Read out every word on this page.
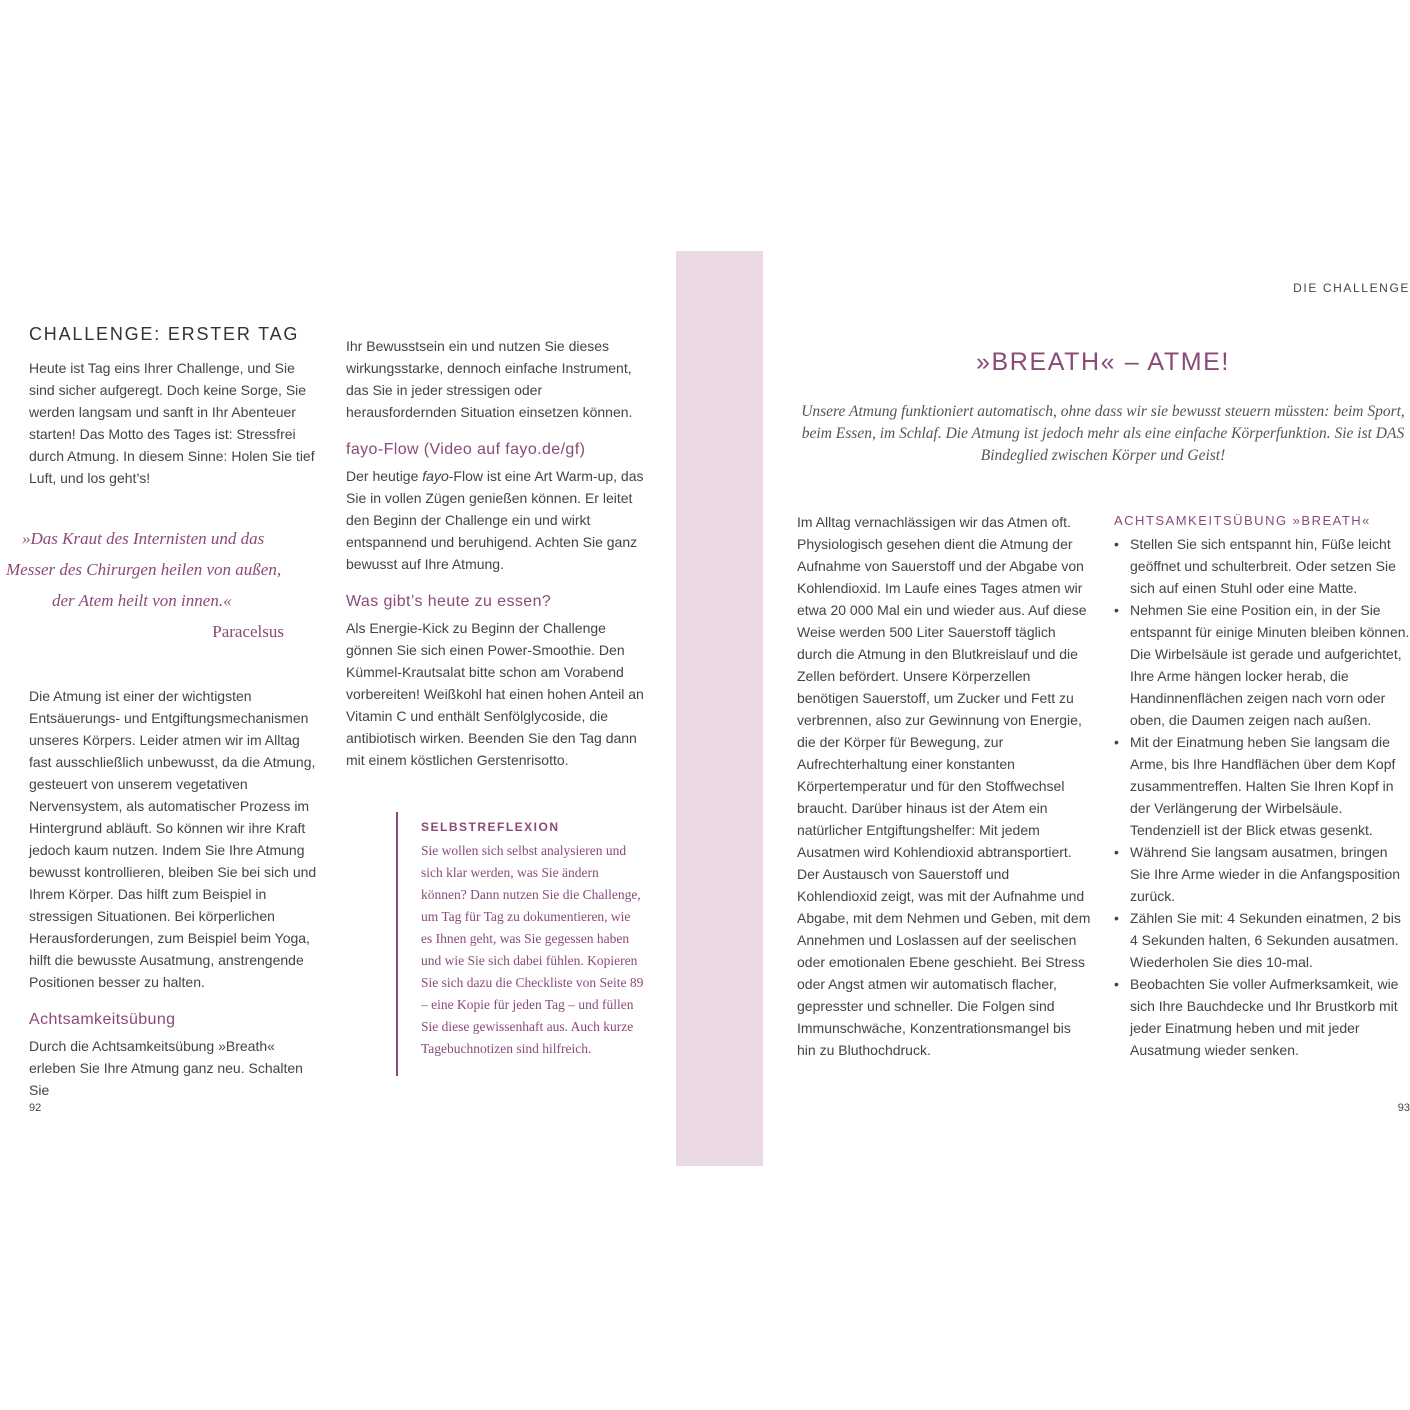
CHALLENGE: ERSTER TAG

Heute ist Tag eins Ihrer Challenge, und Sie sind sicher aufgeregt. Doch keine Sorge, Sie werden langsam und sanft in Ihr Abenteuer starten! Das Motto des Tages ist: Stressfrei durch Atmung. In diesem Sinne: Holen Sie tief Luft, und los geht’s!

»Das Kraut des Internisten und das

Messer des Chirurgen heilen von außen,

der Atem heilt von innen.«

Paracelsus

Die Atmung ist einer der wichtigsten Entsäuerungs- und Entgiftungsmechanismen unseres Körpers. Leider atmen wir im Alltag fast ausschließlich unbewusst, da die Atmung, gesteuert von unserem vegetativen Nervensystem, als automatischer Prozess im Hintergrund abläuft. So können wir ihre Kraft jedoch kaum nutzen. Indem Sie Ihre Atmung bewusst kontrollieren, bleiben Sie bei sich und Ihrem Körper. Das hilft zum Beispiel in stressigen Situationen. Bei körperlichen Herausforderungen, zum Beispiel beim Yoga, hilft die bewusste Ausatmung, anstrengende Positionen besser zu halten.

Achtsamkeitsübung

Durch die Achtsamkeitsübung »Breath« erleben Sie Ihre Atmung ganz neu. Schalten Sie

92

Ihr Bewusstsein ein und nutzen Sie dieses wirkungsstarke, dennoch einfache Instrument, das Sie in jeder stressigen oder herausfordernden Situation einsetzen können.

fayo-Flow (Video auf fayo.de/gf)

Der heutige fayo-Flow ist eine Art Warm-up, das Sie in vollen Zügen genießen können. Er leitet den Beginn der Challenge ein und wirkt entspannend und beruhigend. Achten Sie ganz bewusst auf Ihre Atmung.

Was gibt’s heute zu essen?

Als Energie-Kick zu Beginn der Challenge gönnen Sie sich einen Power-Smoothie. Den Kümmel-Krautsalat bitte schon am Vorabend vorbereiten! Weißkohl hat einen hohen Anteil an Vitamin C und enthält Senfölglycoside, die antibiotisch wirken. Beenden Sie den Tag dann mit einem köstlichen Gerstenrisotto.

SELBSTREFLEXION

Sie wollen sich selbst analysieren und sich klar werden, was Sie ändern können? Dann nutzen Sie die Challenge, um Tag für Tag zu dokumentieren, wie es Ihnen geht, was Sie gegessen haben und wie Sie sich dabei fühlen. Kopieren Sie sich dazu die Checkliste von Seite 89 – eine Kopie für jeden Tag – und füllen Sie diese gewissenhaft aus. Auch kurze Tagebuchnotizen sind hilfreich.

DIE CHALLENGE
»BREATH« – ATME!

Unsere Atmung funktioniert automatisch, ohne dass wir sie bewusst steuern müssten: beim Sport, beim Essen, im Schlaf. Die Atmung ist jedoch mehr als eine einfache Körperfunktion. Sie ist DAS Bindeglied zwischen Körper und Geist!

Im Alltag vernachlässigen wir das Atmen oft. Physiologisch gesehen dient die Atmung der Aufnahme von Sauerstoff und der Abgabe von Kohlendioxid. Im Laufe eines Tages atmen wir etwa 20 000 Mal ein und wieder aus. Auf diese Weise werden 500 Liter Sauerstoff täglich durch die Atmung in den Blutkreislauf und die Zellen befördert. Unsere Körperzellen benötigen Sauerstoff, um Zucker und Fett zu verbrennen, also zur Gewinnung von Energie, die der Körper für Bewegung, zur Aufrechterhaltung einer konstanten Körpertemperatur und für den Stoffwechsel braucht. Darüber hinaus ist der Atem ein natürlicher Entgiftungshelfer: Mit jedem Ausatmen wird Kohlendioxid abtransportiert. Der Austausch von Sauerstoff und Kohlendioxid zeigt, was mit der Aufnahme und Abgabe, mit dem Nehmen und Geben, mit dem Annehmen und Loslassen auf der seelischen oder emotionalen Ebene geschieht. Bei Stress oder Angst atmen wir automatisch flacher, gepresster und schneller. Die Folgen sind Immunschwäche, Konzentrationsmangel bis hin zu Bluthochdruck.

ACHTSAMKEITSÜBUNG »BREATH«

• Stellen Sie sich entspannt hin, Füße leicht geöffnet und schulterbreit. Oder setzen Sie sich auf einen Stuhl oder eine Matte.
• Nehmen Sie eine Position ein, in der Sie entspannt für einige Minuten bleiben können. Die Wirbelsäule ist gerade und aufgerichtet, Ihre Arme hängen locker herab, die Handinnenflächen zeigen nach vorn oder oben, die Daumen zeigen nach außen.
• Mit der Einatmung heben Sie langsam die Arme, bis Ihre Handflächen über dem Kopf zusammentreffen. Halten Sie Ihren Kopf in der Verlängerung der Wirbelsäule. Tendenziell ist der Blick etwas gesenkt.
• Während Sie langsam ausatmen, bringen Sie Ihre Arme wieder in die Anfangsposition zurück.
• Zählen Sie mit: 4 Sekunden einatmen, 2 bis 4 Sekunden halten, 6 Sekunden ausatmen. Wiederholen Sie dies 10-mal.
• Beobachten Sie voller Aufmerksamkeit, wie sich Ihre Bauchdecke und Ihr Brustkorb mit jeder Einatmung heben und mit jeder Ausatmung wieder senken.
93
